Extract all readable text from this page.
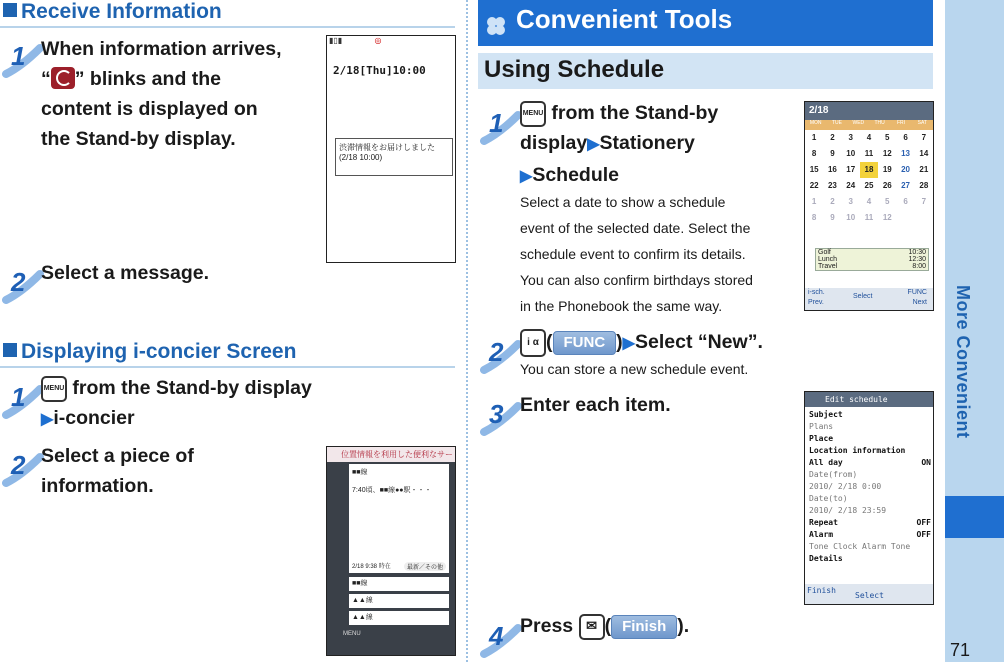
Receive Information
1 When information arrives,
“ ” blinks and the
content is displayed on
the Stand-by display.
▮▯▮	◎
2/18[Thu]10:00
渋滞情報をお届けしました
(2/18 10:00)
2 Select a message.
Displaying i-concier Screen
1	MENU from the Stand-by display
▶i-concier
2 Select a piece of
information.
位置情報を利用した便利なサー
■■線
7:40頃、■■線●●駅・・・
2/18 9:38 時在	最新／その他
■■線
▲▲線
▲▲線
MENU
Convenient Tools
Using Schedule
1	MENU from the Stand-by
display▶Stationery
▶Schedule
Select a date to show a schedule
event of the selected date. Select the
schedule event to confirm its details.
You can also confirm birthdays stored
in the Phonebook the same way.
2/18
MON	TUE	WED	THU	FRI	SAT
1	2	3	4	5	6	7
8	9	10	11	12	13	14
15	16	17	18	19	20	21
22	23	24	25	26	27	28
1	2	3	4	5	6	7
8	9	10	11	12
Golf	10:30
Lunch	12:30
Travel	8:00
i-sch.	FUNC
Prev.
Select
Next
2	i α ( FUNC )▶Select “New”.
You can store a new schedule event.
3 Enter each item.	Edit schedule
Subject
Plans
Place
Location information
All day	ON
Date(from)
2010/ 2/18 0:00
Date(to)
2010/ 2/18 23:59
Repeat	OFF
Alarm	OFF
Tone Clock Alarm Tone
Details
Finish
Select
4 Press ✉ ( Finish ).
More Convenient
71
